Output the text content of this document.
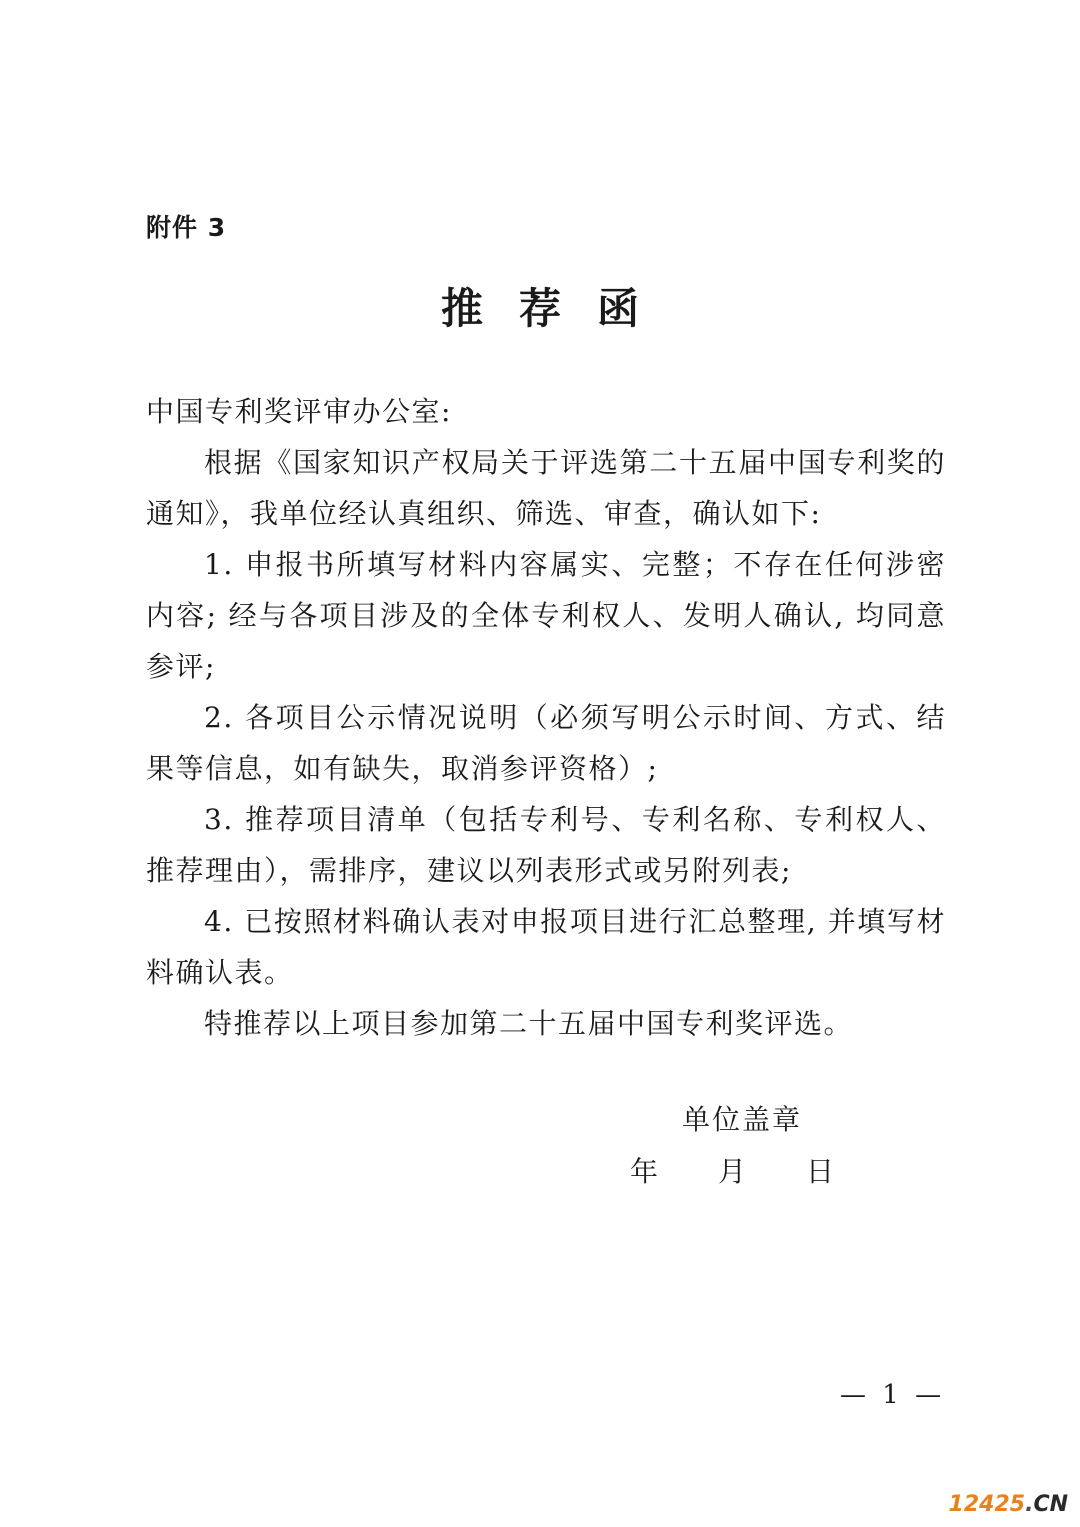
附件 3
推荐函

中国专利奖评审办公室:

根据《国家知识产权局关于评选第二十五届中国专利奖的通知》，我单位经认真组织、筛选、审查，确认如下:

1. 申报书所填写材料内容属实、完整；不存在任何涉密内容; 经与各项目涉及的全体专利权人、发明人确认, 均同意参评;

2. 各项目公示情况说明（必须写明公示时间、方式、结果等信息，如有缺失，取消参评资格）;

3. 推荐项目清单（包括专利号、专利名称、专利权人、推荐理由），需排序，建议以列表形式或另附列表;

4. 已按照材料确认表对申报项目进行汇总整理, 并填写材料确认表。

特推荐以上项目参加第二十五届中国专利奖评选。

单位盖章
年 月 日
— 1 —
12425.CN
